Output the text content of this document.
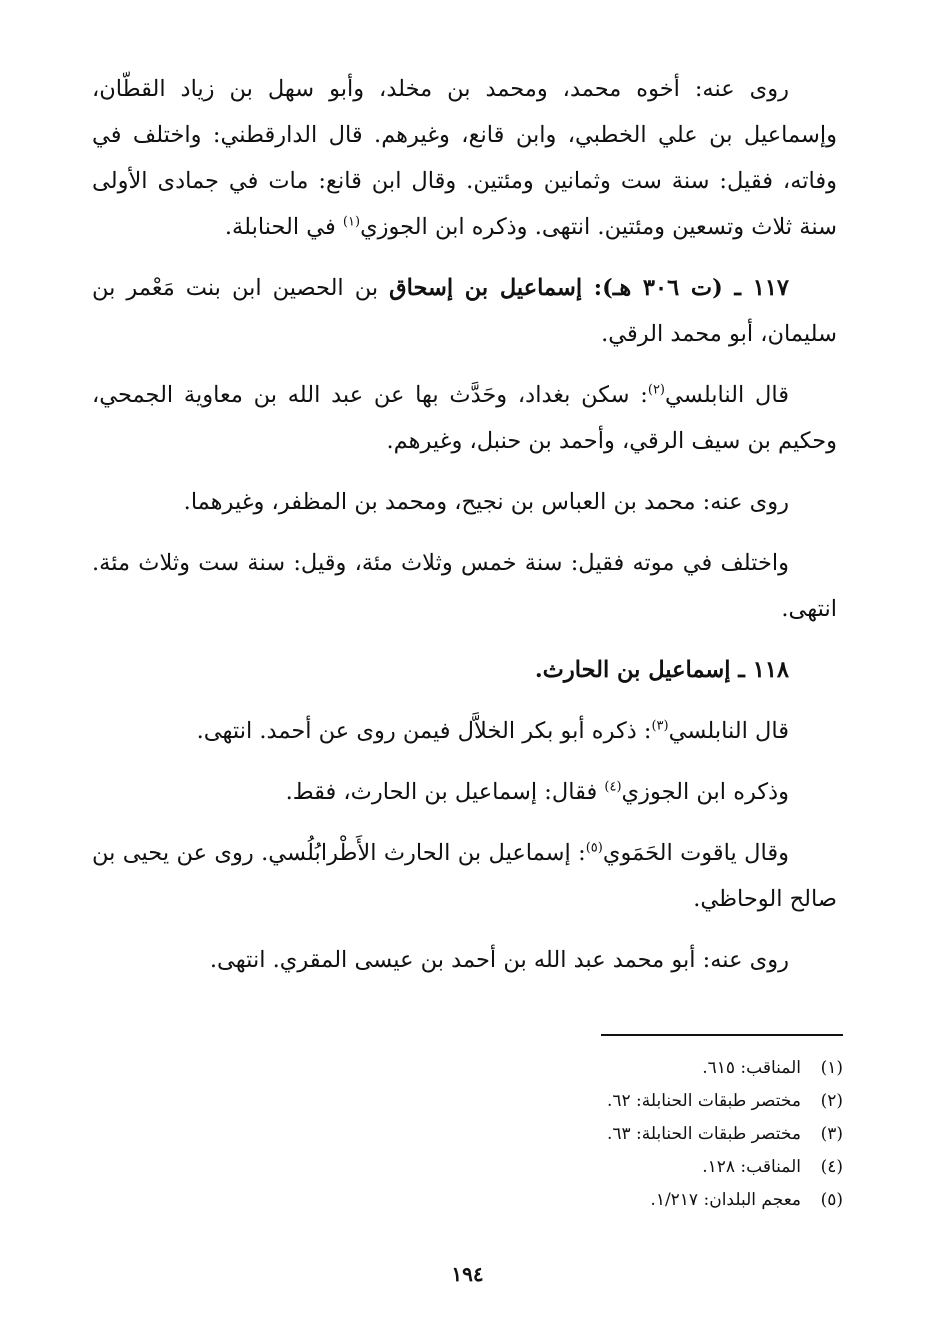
روى عنه: أخوه محمد، ومحمد بن مخلد، وأبو سهل بن زياد القطّان، وإسماعيل بن علي الخطبي، وابن قانع، وغيرهم. قال الدارقطني: واختلف في وفاته، فقيل: سنة ست وثمانين ومئتين. وقال ابن قانع: مات في جمادى الأولى سنة ثلاث وتسعين ومئتين. انتهى. وذكره ابن الجوزي$^{(١)}$ في الحنابلة.

١١٧ ـ (ت ٣٠٦ هـ): إسماعيل بن إسحاق بن الحصين ابن بنت مَعْمر بن سليمان، أبو محمد الرقي.

قال النابلسي$^{(٢)}$: سكن بغداد، وحَدَّث بها عن عبد الله بن معاوية الجمحي، وحكيم بن سيف الرقي، وأحمد بن حنبل، وغيرهم.

روى عنه: محمد بن العباس بن نجيح، ومحمد بن المظفر، وغيرهما.

واختلف في موته فقيل: سنة خمس وثلاث مئة، وقيل: سنة ست وثلاث مئة. انتهى.

١١٨ ـ إسماعيل بن الحارث.

قال النابلسي$^{(٣)}$: ذكره أبو بكر الخلاَّل فيمن روى عن أحمد. انتهى.

وذكره ابن الجوزي$^{(٤)}$ فقال: إسماعيل بن الحارث، فقط.

وقال ياقوت الحَمَوي$^{(٥)}$: إسماعيل بن الحارث الأَطْرابُلُسي. روى عن يحيى بن صالح الوحاظي.

روى عنه: أبو محمد عبد الله بن أحمد بن عيسى المقري. انتهى.

(١)المناقب: ٦١٥.
(٢)مختصر طبقات الحنابلة: ٦٢.
(٣)مختصر طبقات الحنابلة: ٦٣.
(٤)المناقب: ١٢٨.
(٥)معجم البلدان: ١/٢١٧.
١٩٤
